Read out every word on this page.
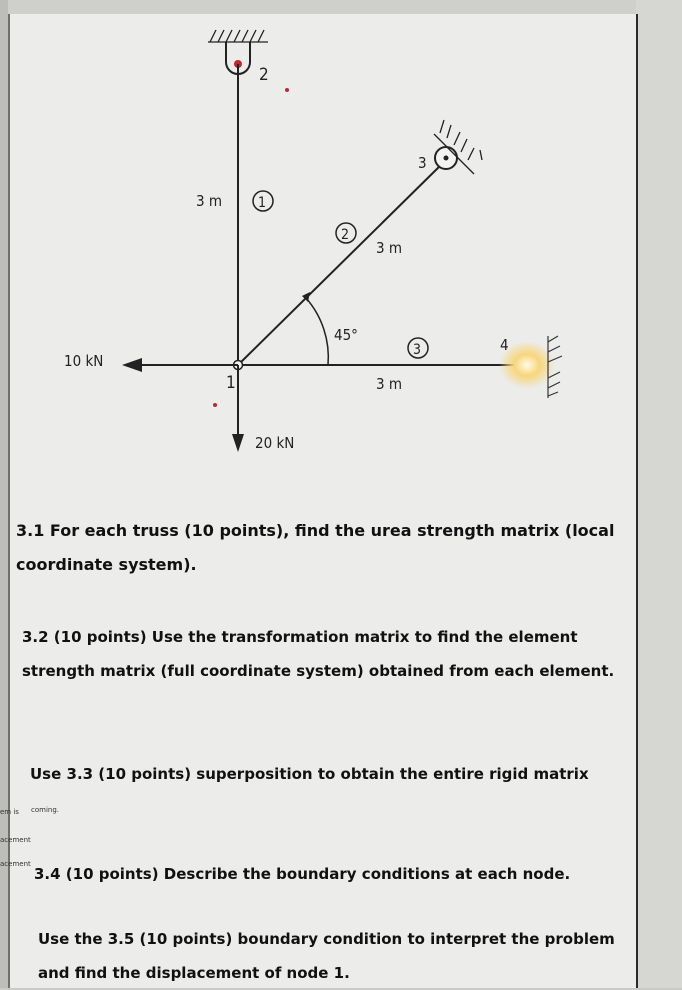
2
1
3
4
1
2
3
3 m
3 m
3 m
45°
10 kN
20 kN
3.1 For each truss (10 points), find the urea strength matrix (local
coordinate system).
3.2 (10 points) Use the transformation matrix to find the element
strength matrix (full coordinate system) obtained from each element.
Use 3.3 (10 points) superposition to obtain the entire rigid matrix
3.4 (10 points) Describe the boundary conditions at each node.
Use the 3.5 (10 points) boundary condition to interpret the problem
and find the displacement of node 1.
em is coming.
acement
acement
